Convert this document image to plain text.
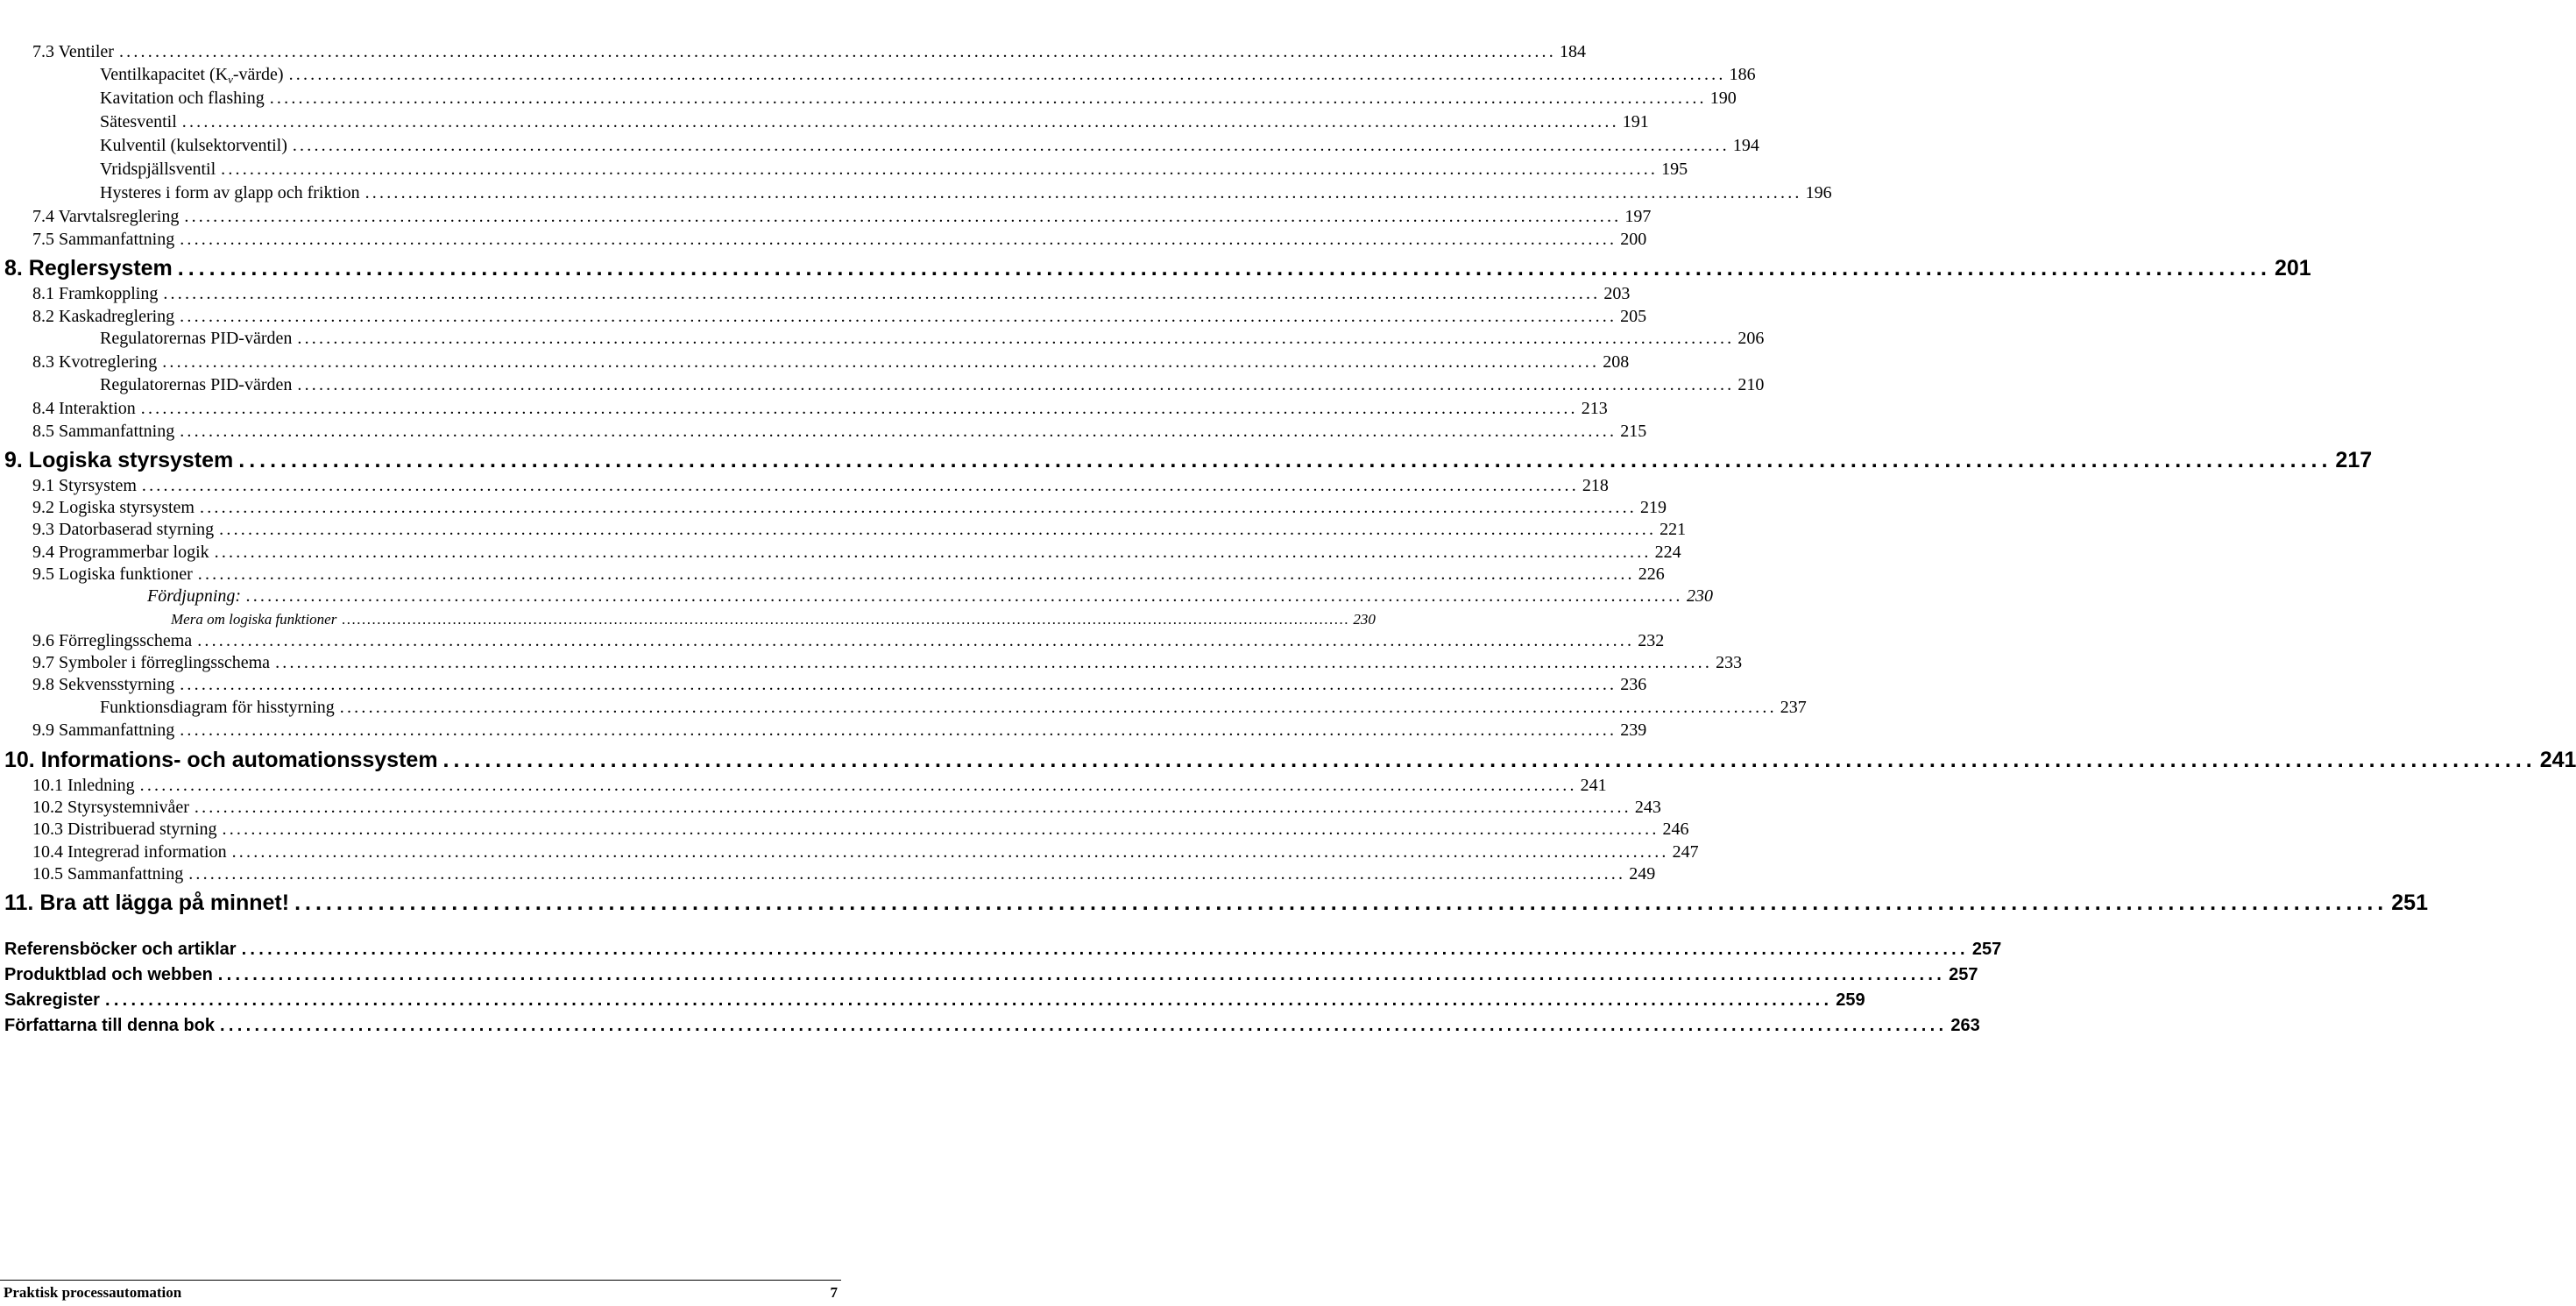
7.3 Ventiler ........................................................................................................................................................................................................ 184
Ventilkapacitet $(K_v-värde)$ ........................................................................................................................................................................................................ 186
Kavitation och flashing ........................................................................................................................................................................................................ 190
Sätesventil ........................................................................................................................................................................................................ 191
Kulventil (kulsektorventil) ........................................................................................................................................................................................................ 194
Vridspjällsventil ........................................................................................................................................................................................................ 195
Hysteres i form av glapp och friktion ........................................................................................................................................................................................................ 196
7.4 Varvtalsreglering ........................................................................................................................................................................................................ 197
7.5 Sammanfattning ........................................................................................................................................................................................................ 200
8. Reglersystem ........................................................................................................................................................................................................ 201
8.1 Framkoppling ........................................................................................................................................................................................................ 203
8.2 Kaskadreglering ........................................................................................................................................................................................................ 205
Regulatorernas PID-värden ........................................................................................................................................................................................................ 206
8.3 Kvotreglering ........................................................................................................................................................................................................ 208
Regulatorernas PID-värden ........................................................................................................................................................................................................ 210
8.4 Interaktion ........................................................................................................................................................................................................ 213
8.5 Sammanfattning ........................................................................................................................................................................................................ 215
9. Logiska styrsystem ........................................................................................................................................................................................................ 217
9.1 Styrsystem ........................................................................................................................................................................................................ 218
9.2 Logiska styrsystem ........................................................................................................................................................................................................ 219
9.3 Datorbaserad styrning ........................................................................................................................................................................................................ 221
9.4 Programmerbar logik ........................................................................................................................................................................................................ 224
9.5 Logiska funktioner ........................................................................................................................................................................................................ 226
Fördjupning: ........................................................................................................................................................................................................ 230
Mera om logiska funktioner ........................................................................................................................................................................................................ 230
9.6 Förreglingsschema ........................................................................................................................................................................................................ 232
9.7 Symboler i förreglingsschema ........................................................................................................................................................................................................ 233
9.8 Sekvensstyrning ........................................................................................................................................................................................................ 236
Funktionsdiagram för hisstyrning ........................................................................................................................................................................................................ 237
9.9 Sammanfattning ........................................................................................................................................................................................................ 239
10. Informations- och automationssystem ........................................................................................................................................................................................................ 241
10.1 Inledning ........................................................................................................................................................................................................ 241
10.2 Styrsystemnivåer ........................................................................................................................................................................................................ 243
10.3 Distribuerad styrning ........................................................................................................................................................................................................ 246
10.4 Integrerad information ........................................................................................................................................................................................................ 247
10.5 Sammanfattning ........................................................................................................................................................................................................ 249
11. Bra att lägga på minnet! ........................................................................................................................................................................................................ 251
Referensböcker och artiklar ........................................................................................................................................................................................................ 257
Produktblad och webben ........................................................................................................................................................................................................ 257
Sakregister ........................................................................................................................................................................................................ 259
Författarna till denna bok ........................................................................................................................................................................................................ 263
Praktisk processautomation	7
